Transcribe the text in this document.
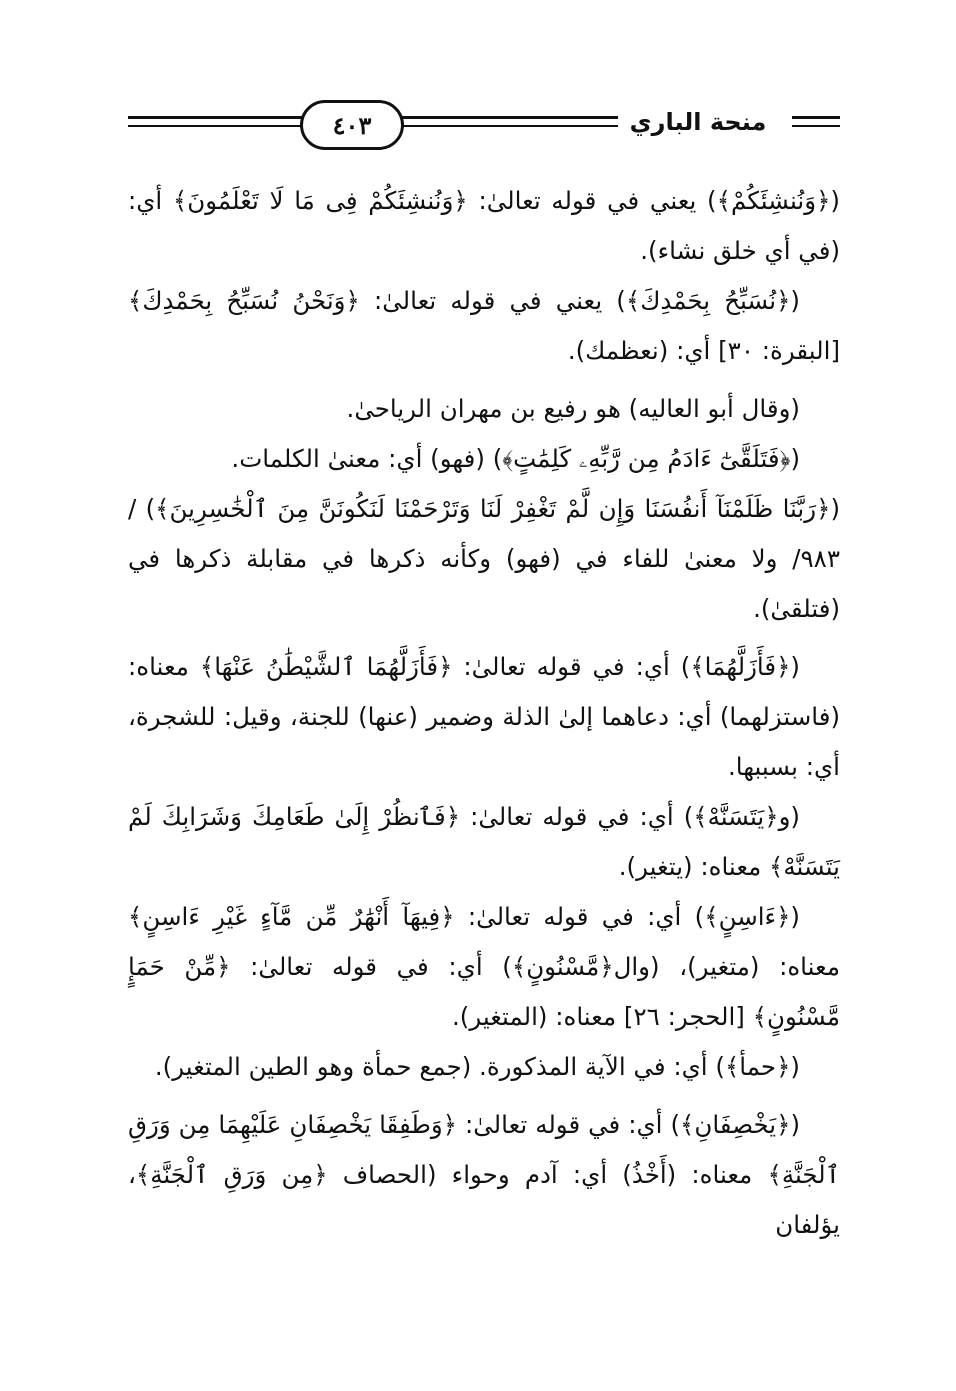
٤٠٣	منحة الباري

(﴿وَنُنشِئَكُمْ﴾) يعني في قوله تعالىٰ: ﴿وَنُنشِئَكُمْ فِى مَا لَا تَعْلَمُونَ﴾ أي: (في أي خلق نشاء).

(﴿نُسَبِّحُ بِحَمْدِكَ﴾) يعني في قوله تعالىٰ: ﴿وَنَحْنُ نُسَبِّحُ بِحَمْدِكَ﴾ [البقرة: ٣٠] أي: (نعظمك).

(وقال أبو العاليه) هو رفيع بن مهران الرياحىٰ.

(﴿فَتَلَقَّىٰٓ ءَادَمُ مِن رَّبِّهِۦ كَلِمَٰتٍ﴾) (فهو) أي: معنىٰ الكلمات.

(﴿رَبَّنَا ظَلَمْنَآ أَنفُسَنَا وَإِن لَّمْ تَغْفِرْ لَنَا وَتَرْحَمْنَا لَنَكُونَنَّ مِنَ ٱلْخَٰسِرِينَ﴾) /٩٨٣/ ولا معنىٰ للفاء في (فهو) وكأنه ذكرها في مقابلة ذكرها في (فتلقىٰ).

(﴿فَأَزَلَّهُمَا﴾) أي: في قوله تعالىٰ: ﴿فَأَزَلَّهُمَا ٱلشَّيْطَٰنُ عَنْهَا﴾ معناه: (فاستزلهما) أي: دعاهما إلىٰ الذلة وضمير (عنها) للجنة، وقيل: للشجرة، أي: بسببها.

(و﴿يَتَسَنَّهْ﴾) أي: في قوله تعالىٰ: ﴿فَٱنظُرْ إِلَىٰ طَعَامِكَ وَشَرَابِكَ لَمْ يَتَسَنَّهْ﴾ معناه: (يتغير).

(﴿ءَاسِنٍ﴾) أي: في قوله تعالىٰ: ﴿فِيهَآ أَنْهَٰرٌ مِّن مَّآءٍ غَيْرِ ءَاسِنٍ﴾ معناه: (متغير)، (وال﴿مَّسْنُونٍ﴾) أي: في قوله تعالىٰ: ﴿مِّنْ حَمَإٍ مَّسْنُونٍ﴾ [الحجر: ٢٦] معناه: (المتغير).

(﴿حمأ﴾) أي: في الآية المذكورة. (جمع حمأة وهو الطين المتغير).

(﴿يَخْصِفَانِ﴾) أي: في قوله تعالىٰ: ﴿وَطَفِقَا يَخْصِفَانِ عَلَيْهِمَا مِن وَرَقِ ٱلْجَنَّةِ﴾ معناه: (أَخْذُ) أي: آدم وحواء (الحصاف ﴿مِن وَرَقِ ٱلْجَنَّةِ﴾، يؤلفان
